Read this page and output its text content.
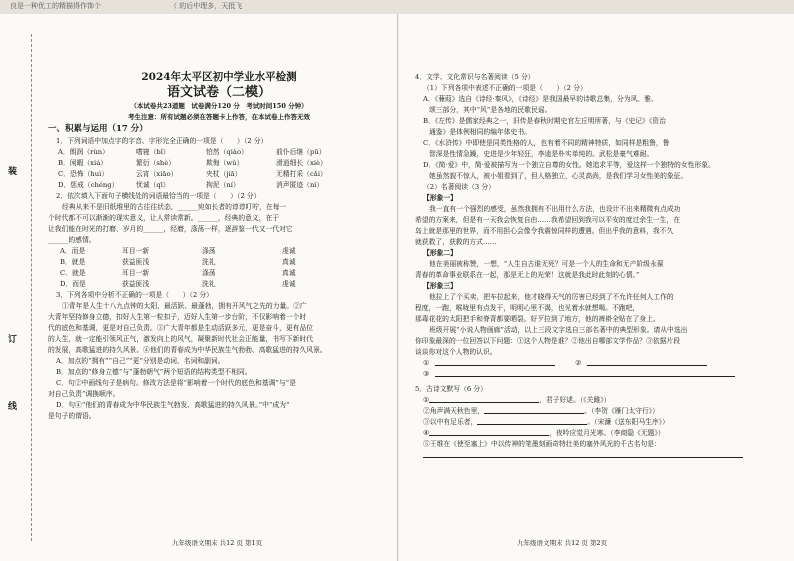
良是一种优工的精描得作饰个	（ 的后中理多，天抵飞
装
订
线
2024年太平区初中学业水平检测
语文试卷（二模）
（本试卷共23道题　试卷满分120 分　考试时间150 分钟）
考生注意：所有试题必须在答题卡上作答，在本试卷上作答无效
一、积累与运用（17 分）
1．下列词语中加点字的字音、字形完全正确的一项是（　　）（2 分）
A．朗润（rùn）	嗜寝（bǐ）	怕然（qiào）	前仆后继（pū）
B．闲暇（xiá）	繁衍（shè）	欺侮（wǔ）	滑逍细长（xiè）
C．恐怖（huì）	云宵（xiāo）	夹杖（jiā）	无精打采（cǎi）
D．惩戒（chéng）	忧诚（qī）	拘泥（ní）	消声匿迹（nì）
2．依次填入下面句子横线处的词语最恰当的一项是（　　）（2 分）
经典从来不是旧纸堆里的古往往状态，______宛如长者的谆谆叮咛，在每一
个时代都不可以渐渐的现实意义，让人常读常新。______，经典的意义，在于
让我们能在时光的打磨、岁月的______，经磨，涤荡一样，逐辞鉴一代又一代对它
______的感情。
A．而是	耳目一新	涤荡	虔诚
B．就是	获益匪浅	洗礼	真诚
C．就是	耳目一新	涤荡	真诚
D．而是	获益匪浅	洗礼	虔诚
3．下列各项中分析不正确的一项是（　　）（2 分）
①青年是人生十八九点钟的太阳，最活跃、最蓬勃，拥有开风气之先的力量。②广
大青年坚持修身立德，扣好人生第一粒扣子，迈好人生第一步台阶，不仅影响着一个时
代的底色和基调，更是对自己负责。③广大青年都是生动活跃多元，更是奋斗，更有品位
的人生，就一定能引领风正气，激发向上的风气，凝聚新时代社会正能量，书写下新时代
的发展，高歌猛进的持久风景。④他们的青春成为中华民族生气勃勃、高歌猛进的持久风景。
A．加点的“拥有”“自己”“更”分别是动词、名词和副词。
B．加点的“修身立德”与“蓬勃朝气”两个短语的结构类型不相同。
C．句②中画线句子是病句。修改方法是将“影响着一个时代的底色和基调”与“是
对自己负责”调换顺序。
D．句④“他们的青春成为中华民族生气勃发、高歌猛进的持久风景。”中“成为”
是句子的谓语。
九年级语文期末 共12 页 第1页
4．文学、文化常识与名著阅读（5 分）
（1）下列各项中表述不正确的一项是（　　）（2 分）
A．《蒹葭》选自《诗经·秦风》，《诗经》是我国最早的诗歌总集，分为风、雅、
颂三部分，其中“风”是各地的民歌民谣。
B．《左传》是儒家经典之一，旧传是春秋时期史官左丘明所著，与《史记》《资治
通鉴》是体例相同的编年体史书。
C．《水浒传》中即使是同类性格的人，也有着不同的精神特质，如同样是粗鲁，鲁
智深是性情急躁，史进是少年轻狂，李逵是朴实单纯的。武松是豪气难耐。
D．《简·爱》中，简·爱被描写为一个独立自尊的女性。她追求平等，爱这样一个独特的女性形象。
她虽然貌不惊人，被小姐看到了，但人格独立，心灵高尚，是我们学习女性美的象征。
（2）名著阅读（3 分）
【形象一】
我一直有一个强烈的感受，虽然我拥有不出用什么方法，也设计不出来精微有点成功
希望的方案来，但是有一天我会恢复自由……我希望回到我可以平安的度过余生一生，在
岛上就是那里的世界，而不用担心会像令我震惊同样的遭遇。但出乎我的意料，我不久
就获救了，获救的方式……
【形象二】
他在美丽被称赞，一想，“人生自古谁无死？可是一个人的生命和无产阶级永葆
青春的革命事业联系在一起，那是无上的光荣！这就是我此时此刻的心情。”
【形象三】
他拉上了个买卖，把车拉起来，他才晓得天气的厉害已经到了不允许任何人工作的
程度，一跑，喉咙里有点发干，明明心里不渴，也见着水就想喝。不跑吧，
那毒花花的太阳把手和脊背都要晒裂。好歹拉到了地方，他的裤褂全贴在了身上。
班级开展“小说人物画廊”活动，以上三段文字选自三部名著中的典型形象。请从中选出
你印象最深的一位回答以下问题：①这个人物是谁？②他出自哪部文学作品？③依据片段
谈谈你对这个人物的认识。
①	②
③
5．古诗文默写（6 分）
①	，君子好逑。（《关雎》）
②角声满天秋色里，	。（李贺《雁门太守行》）
③以中有足乐者，	。（宋濂《送东阳马生序》）
④	，夜吟应觉月光寒。（李商隐《无题》）
⑤王维在《使至塞上》中以传神的笔墨刻画奇特壮美的塞外风光的千古名句是：
九年级语文期末 共12 页 第2页
